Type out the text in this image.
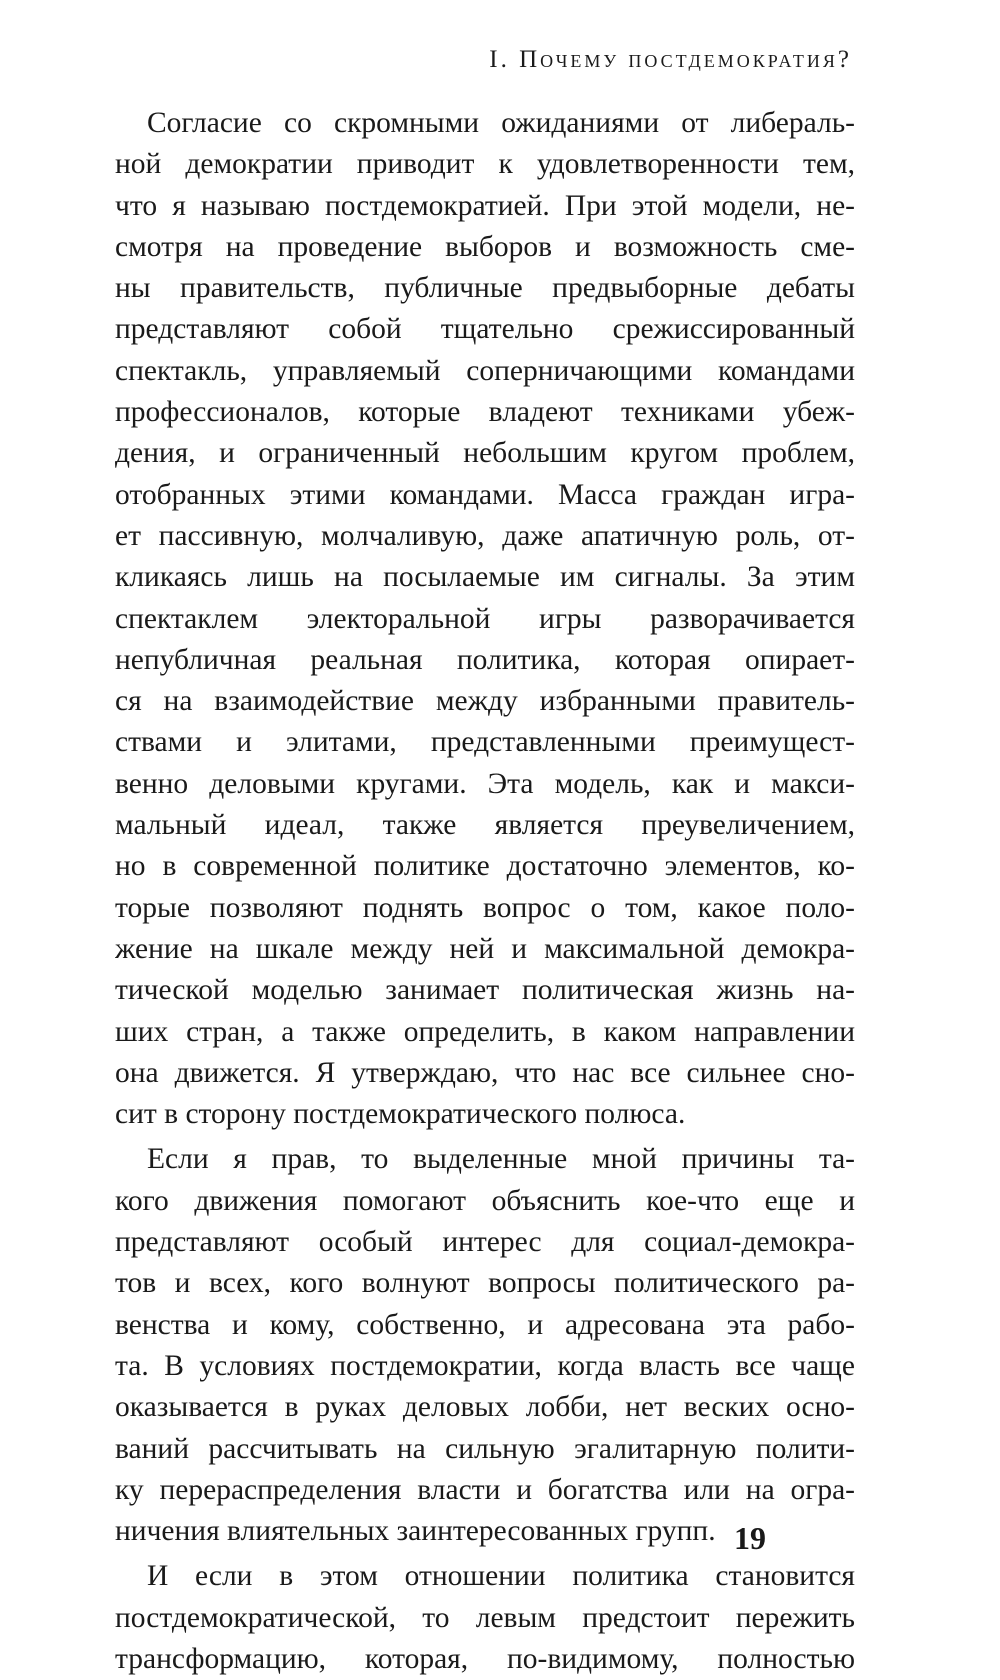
I. Почему постдемократия?

Согласие со скромными ожиданиями от либераль-
ной демократии приводит к удовлетворенности тем,
что я называю постдемократией. При этой модели, не-
смотря на проведение выборов и возможность сме-
ны правительств, публичные предвыборные дебаты
представляют собой тщательно срежиссированный
спектакль, управляемый соперничающими командами
профессионалов, которые владеют техниками убеж-
дения, и ограниченный небольшим кругом проблем,
отобранных этими командами. Масса граждан игра-
ет пассивную, молчаливую, даже апатичную роль, от-
кликаясь лишь на посылаемые им сигналы. За этим
спектаклем электоральной игры разворачивается
непубличная реальная политика, которая опирает-
ся на взаимодействие между избранными правитель-
ствами и элитами, представленными преимущест-
венно деловыми кругами. Эта модель, как и макси-
мальный идеал, также является преувеличением,
но в современной политике достаточно элементов, ко-
торые позволяют поднять вопрос о том, какое поло-
жение на шкале между ней и максимальной демокра-
тической моделью занимает политическая жизнь на-
ших стран, а также определить, в каком направлении
она движется. Я утверждаю, что нас все сильнее сно-
сит в сторону постдемократического полюса.

Если я прав, то выделенные мной причины та-
кого движения помогают объяснить кое-что еще и
представляют особый интерес для социал-демокра-
тов и всех, кого волнуют вопросы политического ра-
венства и кому, собственно, и адресована эта рабо-
та. В условиях постдемократии, когда власть все чаще
оказывается в руках деловых лобби, нет веских осно-
ваний рассчитывать на сильную эгалитарную полити-
ку перераспределения власти и богатства или на огра-
ничения влиятельных заинтересованных групп.

И если в этом отношении политика становится
постдемократической, то левым предстоит пережить
трансформацию, которая, по-видимому, полностью

19
